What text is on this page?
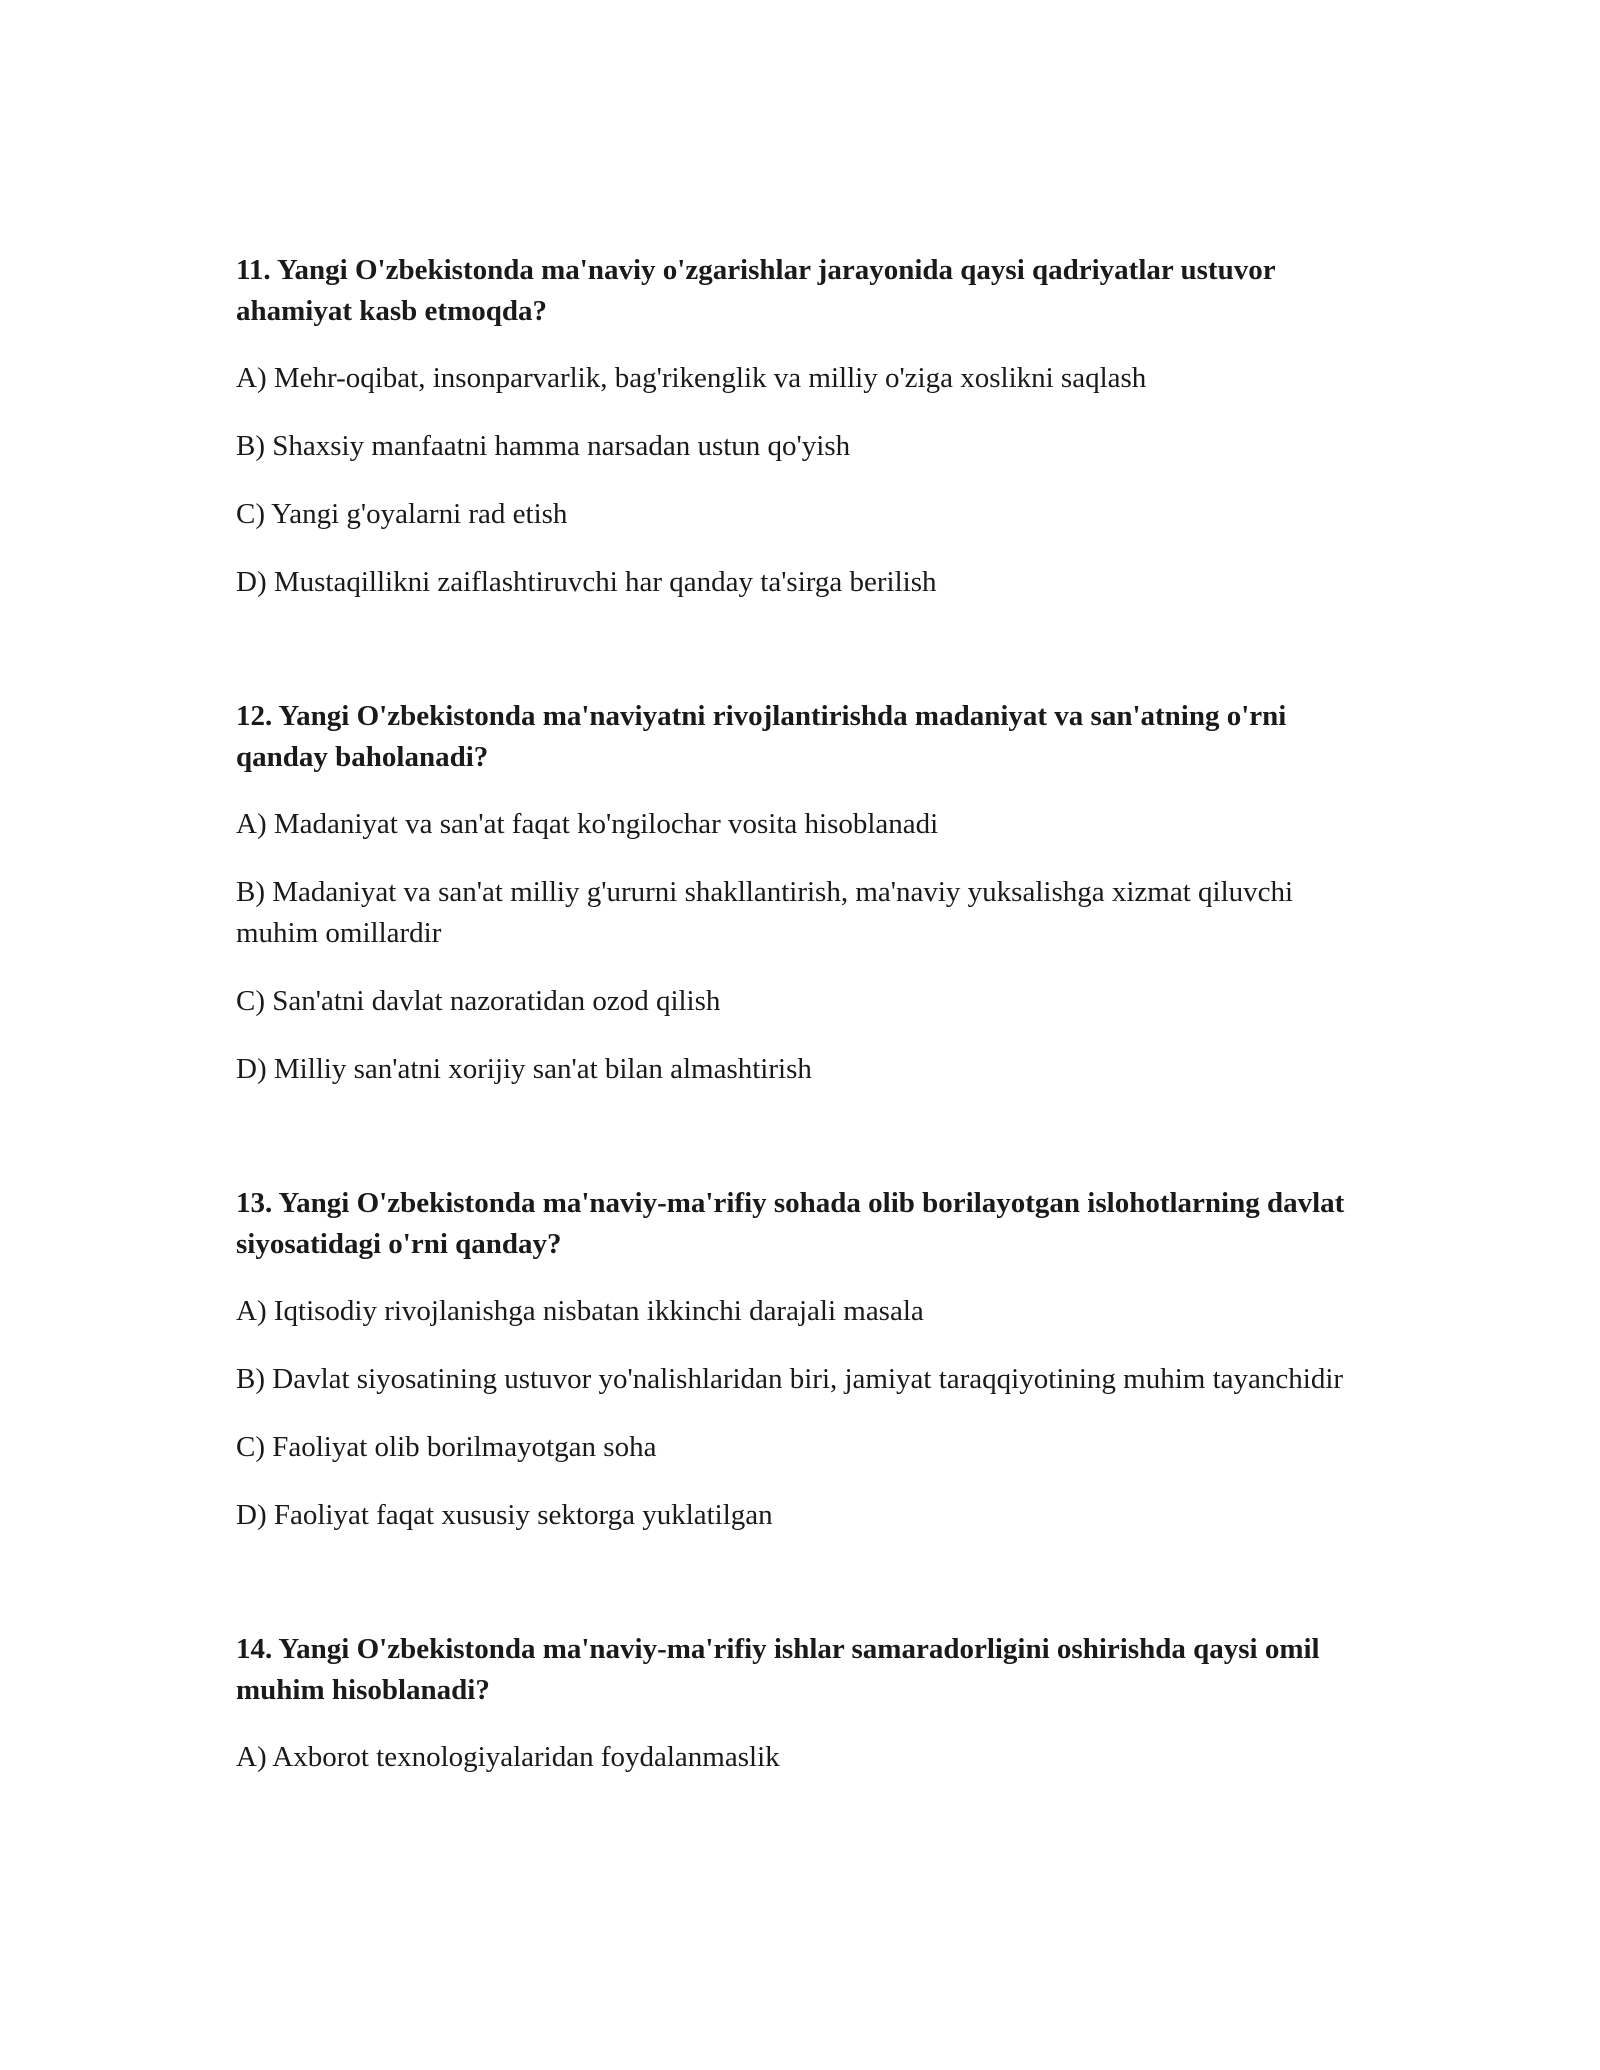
11. Yangi O'zbekistonda ma'naviy o'zgarishlar jarayonida qaysi qadriyatlar ustuvor ahamiyat kasb etmoqda?

A) Mehr-oqibat, insonparvarlik, bag'rikenglik va milliy o'ziga xoslikni saqlash

B) Shaxsiy manfaatni hamma narsadan ustun qo'yish

C) Yangi g'oyalarni rad etish

D) Mustaqillikni zaiflashtiruvchi har qanday ta'sirga berilish

12. Yangi O'zbekistonda ma'naviyatni rivojlantirishda madaniyat va san'atning o'rni qanday baholanadi?

A) Madaniyat va san'at faqat ko'ngilochar vosita hisoblanadi

B) Madaniyat va san'at milliy g'ururni shakllantirish, ma'naviy yuksalishga xizmat qiluvchi muhim omillardir

C) San'atni davlat nazoratidan ozod qilish

D) Milliy san'atni xorijiy san'at bilan almashtirish

13. Yangi O'zbekistonda ma'naviy-ma'rifiy sohada olib borilayotgan islohotlarning davlat siyosatidagi o'rni qanday?

A) Iqtisodiy rivojlanishga nisbatan ikkinchi darajali masala

B) Davlat siyosatining ustuvor yo'nalishlaridan biri, jamiyat taraqqiyotining muhim tayanchidir

C) Faoliyat olib borilmayotgan soha

D) Faoliyat faqat xususiy sektorga yuklatilgan

14. Yangi O'zbekistonda ma'naviy-ma'rifiy ishlar samaradorligini oshirishda qaysi omil muhim hisoblanadi?

A) Axborot texnologiyalaridan foydalanmaslik
